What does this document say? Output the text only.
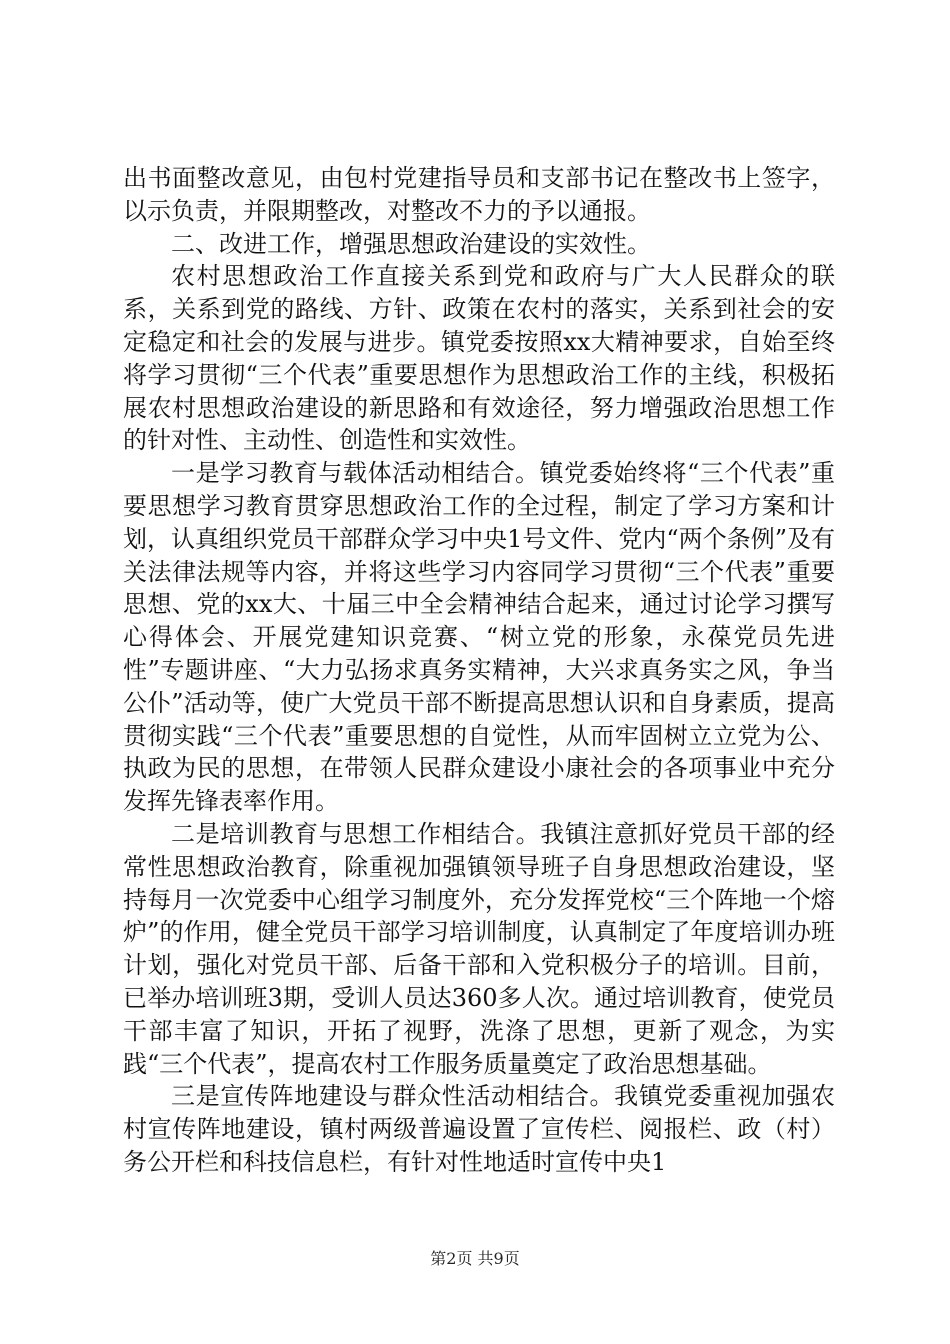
出书面整改意见，由包村党建指导员和支部书记在整改书上签字，以示负责，并限期整改，对整改不力的予以通报。

二、改进工作，增强思想政治建设的实效性。

农村思想政治工作直接关系到党和政府与广大人民群众的联系，关系到党的路线、方针、政策在农村的落实，关系到社会的安定稳定和社会的发展与进步。镇党委按照xx大精神要求，自始至终将学习贯彻“三个代表”重要思想作为思想政治工作的主线，积极拓展农村思想政治建设的新思路和有效途径，努力增强政治思想工作的针对性、主动性、创造性和实效性。

一是学习教育与载体活动相结合。镇党委始终将“三个代表”重要思想学习教育贯穿思想政治工作的全过程，制定了学习方案和计划，认真组织党员干部群众学习中央1号文件、党内“两个条例”及有关法律法规等内容，并将这些学习内容同学习贯彻“三个代表”重要思想、党的xx大、十届三中全会精神结合起来，通过讨论学习撰写心得体会、开展党建知识竞赛、“树立党的形象，永葆党员先进性”专题讲座、“大力弘扬求真务实精神，大兴求真务实之风，争当公仆”活动等，使广大党员干部不断提高思想认识和自身素质，提高贯彻实践“三个代表”重要思想的自觉性，从而牢固树立立党为公、执政为民的思想，在带领人民群众建设小康社会的各项事业中充分发挥先锋表率作用。

二是培训教育与思想工作相结合。我镇注意抓好党员干部的经常性思想政治教育，除重视加强镇领导班子自身思想政治建设，坚持每月一次党委中心组学习制度外，充分发挥党校“三个阵地一个熔炉”的作用，健全党员干部学习培训制度，认真制定了年度培训办班计划，强化对党员干部、后备干部和入党积极分子的培训。目前，已举办培训班3期，受训人员达360多人次。通过培训教育，使党员干部丰富了知识，开拓了视野，洗涤了思想，更新了观念，为实践“三个代表”，提高农村工作服务质量奠定了政治思想基础。

三是宣传阵地建设与群众性活动相结合。我镇党委重视加强农村宣传阵地建设，镇村两级普遍设置了宣传栏、阅报栏、政（村）务公开栏和科技信息栏，有针对性地适时宣传中央1

第2页 共9页
